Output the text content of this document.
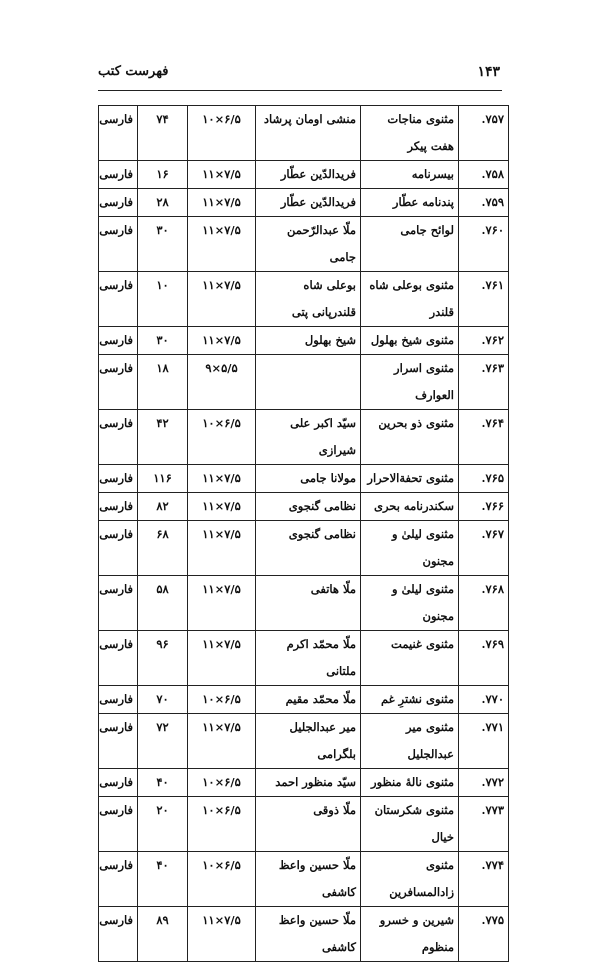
۱۴۳
فهرست کتب
۷۵۷.	مثنوی مناجات هفت پیکر	منشی اومان پرشاد	۱۰×۶/۵	۷۴	فارسی
۷۵۸.	بیسرنامه	فریدالدّین عطّار	۱۱×۷/۵	۱۶	فارسی
۷۵۹.	پندنامه عطّار	فریدالدّین عطّار	۱۱×۷/۵	۲۸	فارسی
۷۶۰.	لوائح جامی	ملّا عبدالرّحمن جامی	۱۱×۷/۵	۳۰	فارسی
۷۶۱.	مثنوی بوعلی شاه قلندر	بوعلی شاه قلندرپانی پتی	۱۱×۷/۵	۱۰	فارسی
۷۶۲.	مثنوی شیخ بهلول	شیخ بهلول	۱۱×۷/۵	۳۰	فارسی
۷۶۳.	مثنوی اسرار العوارف		۹×۵/۵	۱۸	فارسی
۷۶۴.	مثنوی ذو بحرین	سیّد اکبر علی شیرازی	۱۰×۶/۵	۴۲	فارسی
۷۶۵.	مثنوی تحفةالاحرار	مولانا جامی	۱۱×۷/۵	۱۱۶	فارسی
۷۶۶.	سکندرنامه بحری	نظامی گنجوی	۱۱×۷/۵	۸۲	فارسی
۷۶۷.	مثنوی لیلیٰ و مجنون	نظامی گنجوی	۱۱×۷/۵	۶۸	فارسی
۷۶۸.	مثنوی لیلیٰ و مجنون	ملّا هاتفی	۱۱×۷/۵	۵۸	فارسی
۷۶۹.	مثنوی غنیمت	ملّا محمّد اکرم ملتانی	۱۱×۷/۵	۹۶	فارسی
۷۷۰.	مثنوی نشترِ غم	ملّا محمّد مقیم	۱۰×۶/۵	۷۰	فارسی
۷۷۱.	مثنوی میر عبدالجلیل	میر عبدالجلیل بلگرامی	۱۱×۷/۵	۷۲	فارسی
۷۷۲.	مثنوی نالهٔ منظور	سیّد منظور احمد	۱۰×۶/۵	۴۰	فارسی
۷۷۳.	مثنوی شکرستان خیال	ملّا ذوقی	۱۰×۶/۵	۲۰	فارسی
۷۷۴.	مثنوی زادالمسافرین	ملّا حسین واعظ کاشفی	۱۰×۶/۵	۴۰	فارسی
۷۷۵.	شیرین و خسرو منظوم	ملّا حسین واعظ کاشفی	۱۱×۷/۵	۸۹	فارسی
